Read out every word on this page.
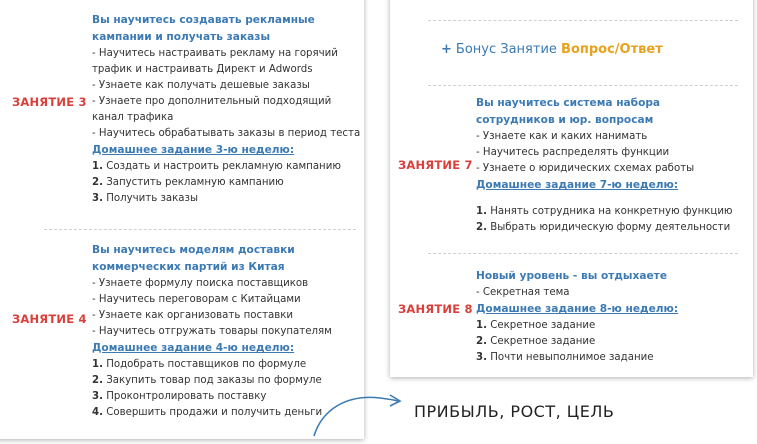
ЗАНЯТИЕ 3
Вы научитесь создавать рекламные кампании и получать заказы
- Научитесь настраивать рекламу на горячий трафик и настраивать Директ и Adwords
- Узнаете как получать дешевые заказы
- Узнаете про дополнительный подходящий канал трафика
- Научитесь обрабатывать заказы в период теста
Домашнее задание 3-ю неделю:
1. Создать и настроить рекламную кампанию
2. Запустить рекламную кампанию
3. Получить заказы
ЗАНЯТИЕ 4
Вы научитесь моделям доставки коммерческих партий из Китая
- Узнаете формулу поиска поставщиков
- Научитесь переговорам с Китайцами
- Узнаете как организовать поставки
- Научитесь отгружать товары покупателям
Домашнее задание 4-ю неделю:
1. Подобрать поставщиков по формуле
2. Закупить товар под заказы по формуле
3. Проконтролировать поставку
4. Совершить продажи и получить деньги
+ Бонус Занятие Вопрос/Ответ
ЗАНЯТИЕ 7
Вы научитесь система набора сотрудников и юр. вопросам
- Узнаете как и каких нанимать
- Научитесь распределять функции
- Узнаете о юридических схемах работы
Домашнее задание 7-ю неделю:
1. Нанять сотрудника на конкретную функцию
2. Выбрать юридическую форму деятельности
ЗАНЯТИЕ 8
Новый уровень - вы отдыхаете
- Секретная тема
Домашнее задание 8-ю неделю:
1. Секретное задание
2. Секретное задание
3. Почти невыполнимое задание
ПРИБЫЛЬ, РОСТ, ЦЕЛЬ
